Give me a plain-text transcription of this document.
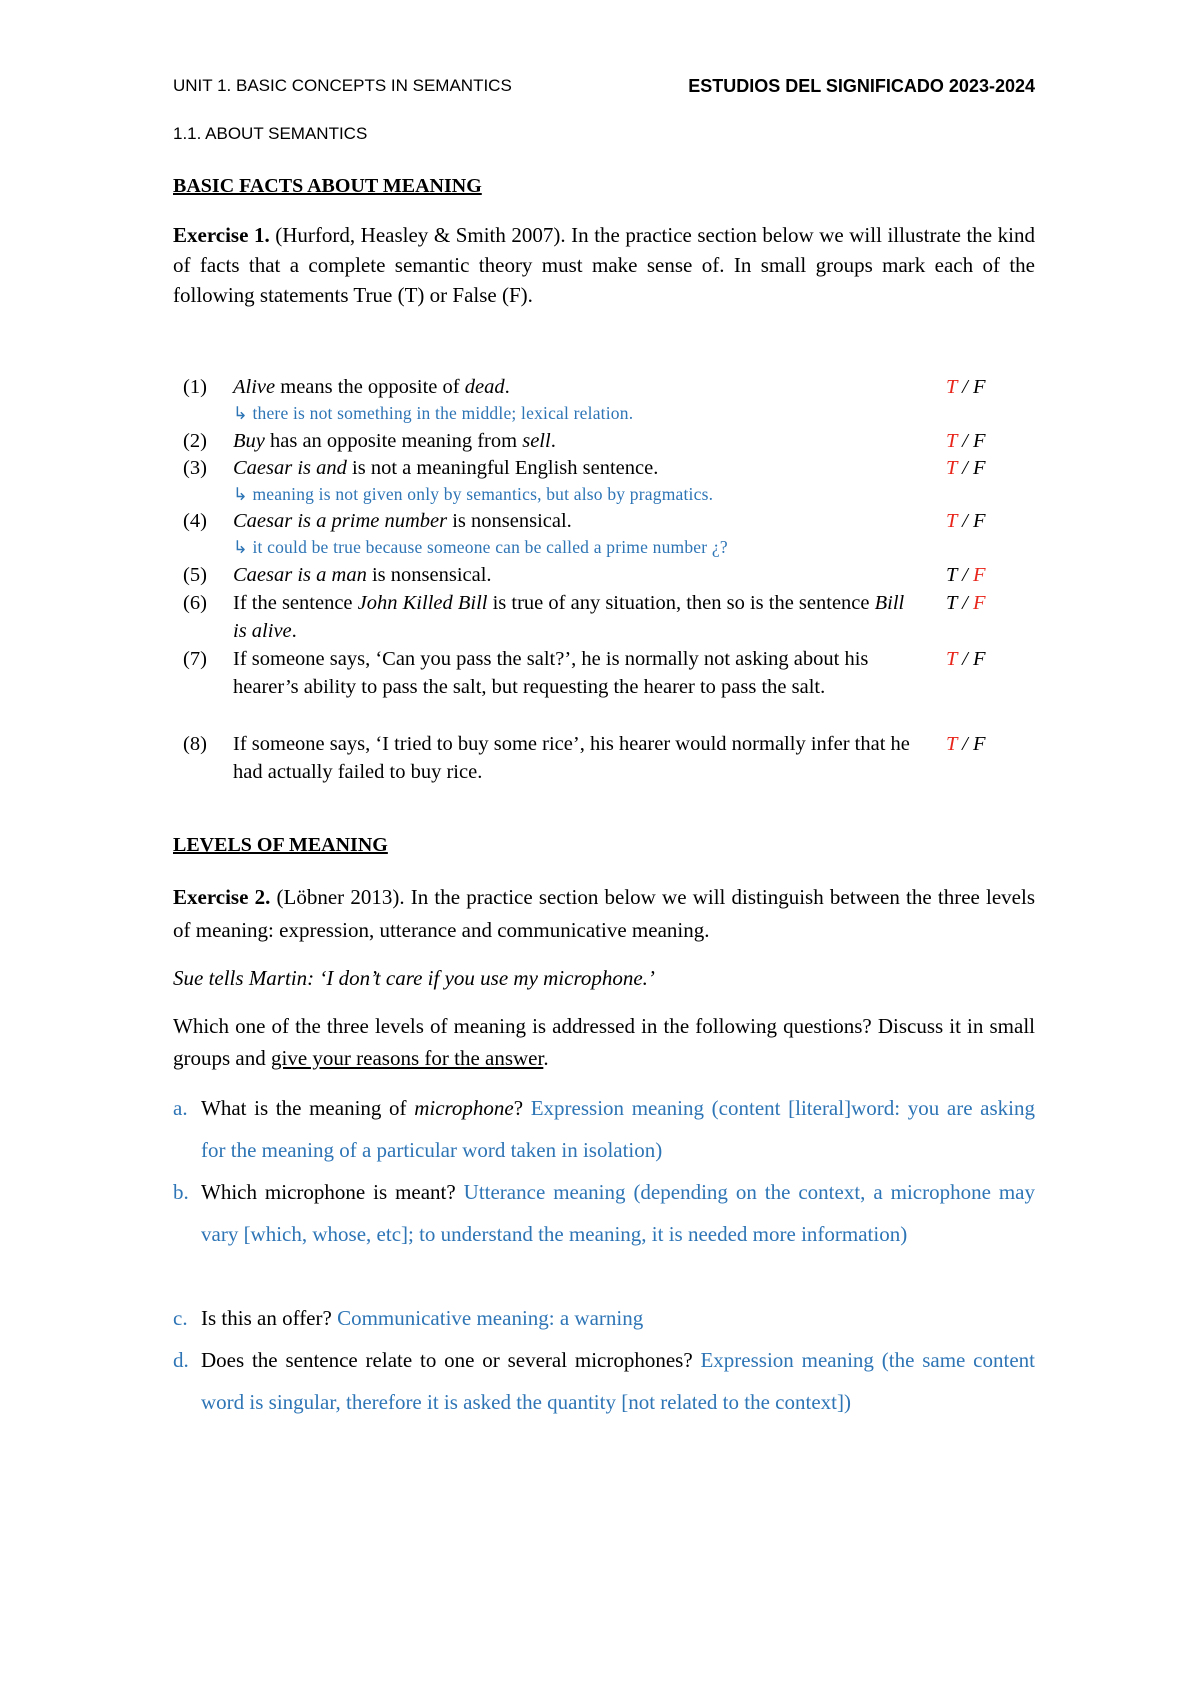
UNIT 1. BASIC CONCEPTS IN SEMANTICS	ESTUDIOS DEL SIGNIFICADO 2023-2024
1.1. ABOUT SEMANTICS
BASIC FACTS ABOUT MEANING
Exercise 1. (Hurford, Heasley & Smith 2007). In the practice section below we will illustrate the kind of facts that a complete semantic theory must make sense of. In small groups mark each of the following statements True (T) or False (F).
(1) Alive means the opposite of dead.	T / F
↳ there is not something in the middle; lexical relation.
(2) Buy has an opposite meaning from sell.	T / F
(3) Caesar is and is not a meaningful English sentence.	T / F
↳ meaning is not given only by semantics, but also by pragmatics.
(4) Caesar is a prime number is nonsensical.	T / F
↳ it could be true because someone can be called a prime number ¿?
(5) Caesar is a man is nonsensical.	T / F
(6) If the sentence John Killed Bill is true of any situation, then so is the sentence Bill is alive.
T / F
(7) If someone says, ‘Can you pass the salt?’, he is normally not asking about his hearer’s ability to pass the salt, but requesting the hearer to pass the salt.
T / F
(8) If someone says, ‘I tried to buy some rice’, his hearer would normally infer that he had actually failed to buy rice.
T / F
LEVELS OF MEANING
Exercise 2. (Löbner 2013). In the practice section below we will distinguish between the three levels of meaning: expression, utterance and communicative meaning.
Sue tells Martin: ‘I don’t care if you use my microphone.’
Which one of the three levels of meaning is addressed in the following questions? Discuss it in small groups and give your reasons for the answer.
a. What is the meaning of microphone? Expression meaning (content [literal]word: you are asking for the meaning of a particular word taken in isolation)
b. Which microphone is meant? Utterance meaning (depending on the context, a microphone may vary [which, whose, etc]; to understand the meaning, it is needed more information)
c. Is this an offer? Communicative meaning: a warning
d. Does the sentence relate to one or several microphones? Expression meaning (the same content word is singular, therefore it is asked the quantity [not related to the context])
